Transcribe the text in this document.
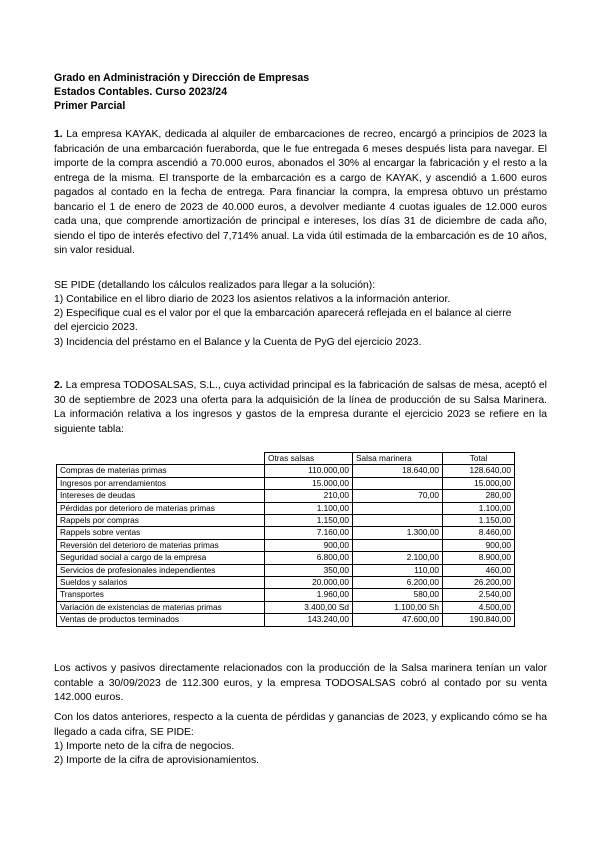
Grado en Administración y Dirección de Empresas
Estados Contables. Curso 2023/24
Primer Parcial
1. La empresa KAYAK, dedicada al alquiler de embarcaciones de recreo, encargó a principios de 2023 la fabricación de una embarcación fueraborda, que le fue entregada 6 meses después lista para navegar. El importe de la compra ascendió a 70.000 euros, abonados el 30% al encargar la fabricación y el resto a la entrega de la misma. El transporte de la embarcación es a cargo de KAYAK, y ascendió a 1.600 euros pagados al contado en la fecha de entrega. Para financiar la compra, la empresa obtuvo un préstamo bancario el 1 de enero de 2023 de 40.000 euros, a devolver mediante 4 cuotas iguales de 12.000 euros cada una, que comprende amortización de principal e intereses, los días 31 de diciembre de cada año, siendo el tipo de interés efectivo del 7,714% anual. La vida útil estimada de la embarcación es de 10 años, sin valor residual.
SE PIDE (detallando los cálculos realizados para llegar a la solución):
1) Contabilice en el libro diario de 2023 los asientos relativos a la información anterior.
2) Especifique cual es el valor por el que la embarcación aparecerá reflejada en el balance al cierre
del ejercicio 2023.
3) Incidencia del préstamo en el Balance y la Cuenta de PyG del ejercicio 2023.
2. La empresa TODOSALSAS, S.L., cuya actividad principal es la fabricación de salsas de mesa, aceptó el 30 de septiembre de 2023 una oferta para la adquisición de la línea de producción de su Salsa Marinera. La información relativa a los ingresos y gastos de la empresa durante el ejercicio 2023 se refiere en la siguiente tabla:
	Otras salsas	Salsa marinera	Total
Compras de materias primas	110.000,00	18.640,00	128.640,00
Ingresos por arrendamientos	15.000,00		15.000,00
Intereses de deudas	210,00	70,00	280,00
Pérdidas por deterioro de materias primas	1.100,00		1.100,00
Rappels por compras	1.150,00		1.150,00
Rappels sobre ventas	7.160,00	1.300,00	8.460,00
Reversión del deterioro de materias primas	900,00		900,00
Seguridad social a cargo de la empresa	6.800,00	2.100,00	8.900,00
Servicios de profesionales independientes	350,00	110,00	460,00
Sueldos y salarios	20.000,00	6.200,00	26.200,00
Transportes	1.960,00	580,00	2.540,00
Variación de existencias de materias primas	3.400,00 Sd	1.100,00 Sh	4.500,00
Ventas de productos terminados	143.240,00	47.600,00	190.840,00
Los activos y pasivos directamente relacionados con la producción de la Salsa marinera tenían un valor contable a 30/09/2023 de 112.300 euros, y la empresa TODOSALSAS cobró al contado por su venta 142.000 euros.
Con los datos anteriores, respecto a la cuenta de pérdidas y ganancias de 2023, y explicando cómo se ha llegado a cada cifra, SE PIDE:
1) Importe neto de la cifra de negocios.
2) Importe de la cifra de aprovisionamientos.
